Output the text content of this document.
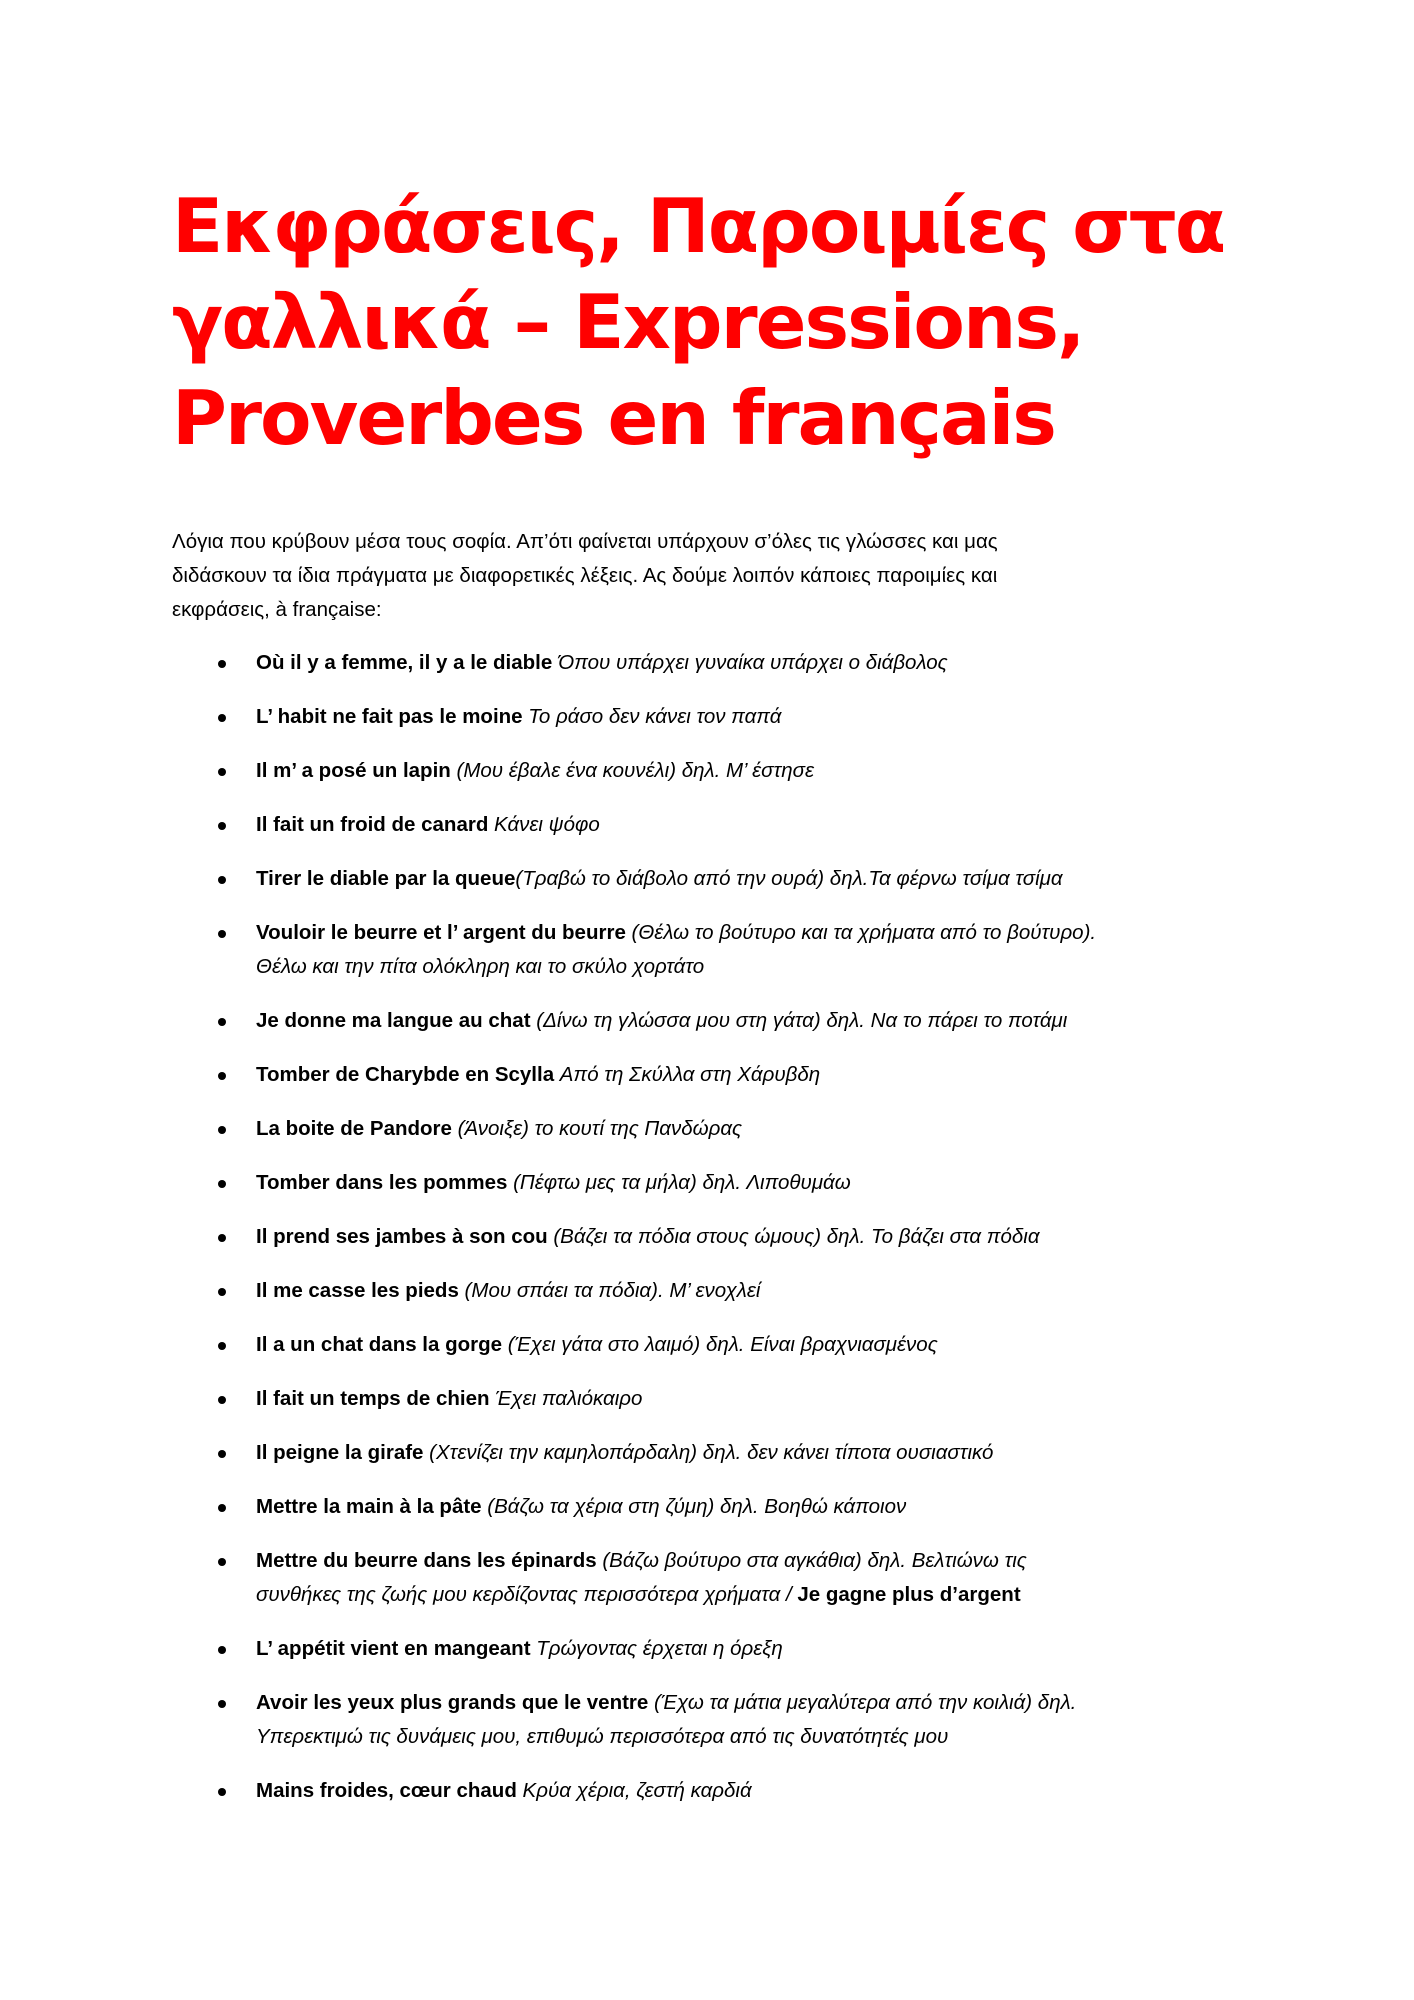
Εκφράσεις, Παροιμίες στα
γαλλικά – Expressions,
Proverbes en français

Λόγια που κρύβουν μέσα τους σοφία. Απ’ότι φαίνεται υπάρχουν σ’όλες τις γλώσσες και μας
διδάσκουν τα ίδια πράγματα με διαφορετικές λέξεις. Ας δούμε λοιπόν κάποιες παροιμίες και
εκφράσεις, à française:

Où il y a femme, il y a le diable Όπου υπάρχει γυναίκα υπάρχει ο διάβολος
L’ habit ne fait pas le moine Το ράσο δεν κάνει τον παπά
Il m’ a posé un lapin (Μου έβαλε ένα κουνέλι) δηλ. Μ’ έστησε
Il fait un froid de canard Κάνει ψόφο
Tirer le diable par la queue(Τραβώ το διάβολο από την ουρά) δηλ.Τα φέρνω τσίμα τσίμα
Vouloir le beurre et l’ argent du beurre (Θέλω το βούτυρο και τα χρήματα από το βούτυρο).
Θέλω και την πίτα ολόκληρη και το σκύλο χορτάτο
Je donne ma langue au chat (Δίνω τη γλώσσα μου στη γάτα) δηλ. Να το πάρει το ποτάμι
Tomber de Charybde en Scylla Από τη Σκύλλα στη Χάρυβδη
La boite de Pandore (Άνοιξε) το κουτί της Πανδώρας
Tomber dans les pommes (Πέφτω μες τα μήλα) δηλ. Λιποθυμάω
Il prend ses jambes à son cou (Βάζει τα πόδια στους ώμους) δηλ. Το βάζει στα πόδια
Il me casse les pieds (Μου σπάει τα πόδια). Μ’ ενοχλεί
Il a un chat dans la gorge (Έχει γάτα στο λαιμό) δηλ. Είναι βραχνιασμένος
Il fait un temps de chien Έχει παλιόκαιρο
Il peigne la girafe (Χτενίζει την καμηλοπάρδαλη) δηλ. δεν κάνει τίποτα ουσιαστικό
Mettre la main à la pâte (Βάζω τα χέρια στη ζύμη) δηλ. Βοηθώ κάποιον
Mettre du beurre dans les épinards (Βάζω βούτυρο στα αγκάθια) δηλ. Βελτιώνω τις
συνθήκες της ζωής μου κερδίζοντας περισσότερα χρήματα / Je gagne plus d’argent
L’ appétit vient en mangeant Τρώγοντας έρχεται η όρεξη
Avoir les yeux plus grands que le ventre (Έχω τα μάτια μεγαλύτερα από την κοιλιά) δηλ.
Υπερεκτιμώ τις δυνάμεις μου, επιθυμώ περισσότερα από τις δυνατότητές μου
Mains froides, cœur chaud Κρύα χέρια, ζεστή καρδιά
